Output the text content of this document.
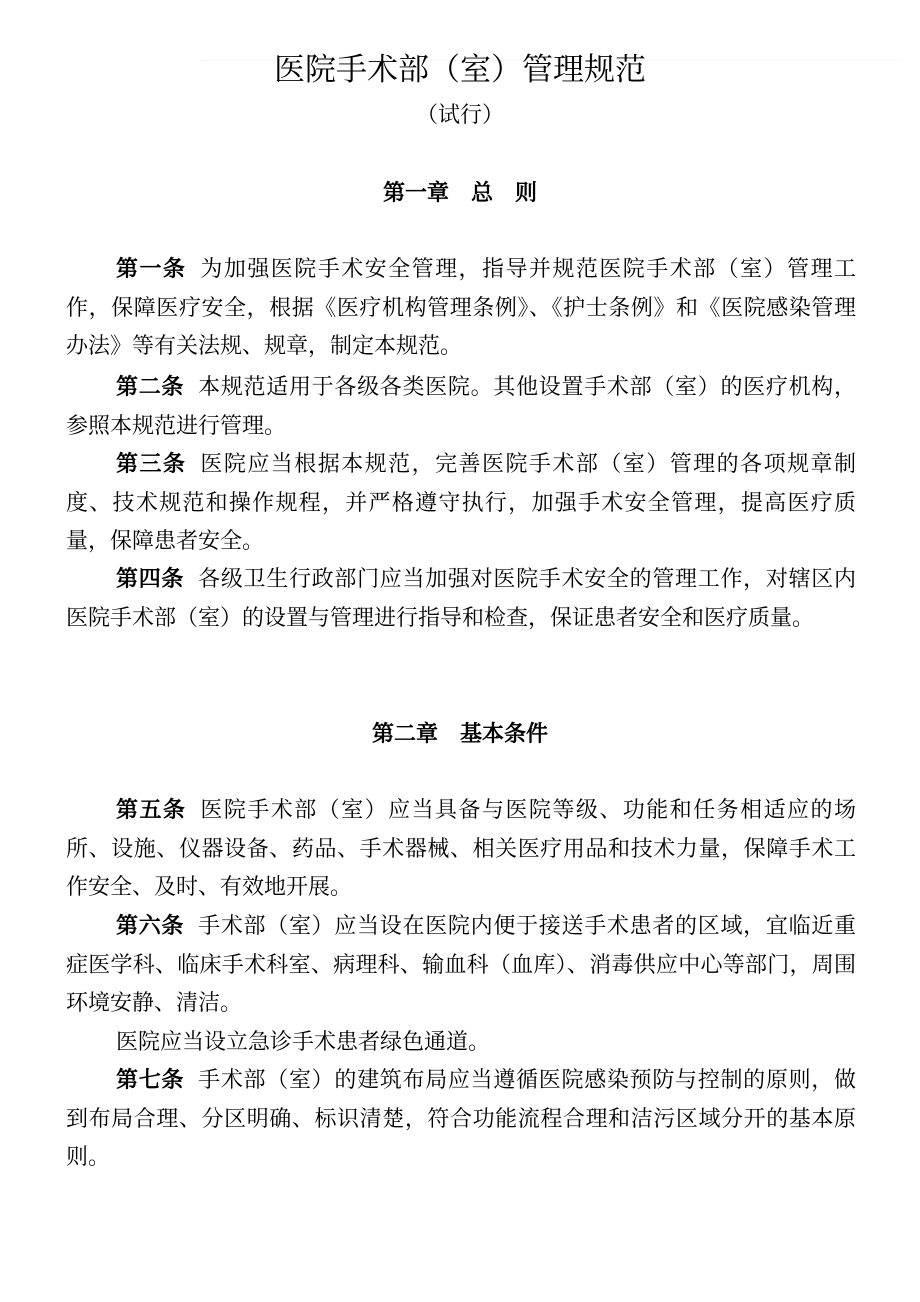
医院手术部（室）管理规范
（试行）
第一章　总　则

第一条 为加强医院手术安全管理，指导并规范医院手术部（室）管理工作，保障医疗安全，根据《医疗机构管理条例》、《护士条例》和《医院感染管理办法》等有关法规、规章，制定本规范。

第二条 本规范适用于各级各类医院。其他设置手术部（室）的医疗机构，参照本规范进行管理。

第三条 医院应当根据本规范，完善医院手术部（室）管理的各项规章制度、技术规范和操作规程，并严格遵守执行，加强手术安全管理，提高医疗质量，保障患者安全。

第四条 各级卫生行政部门应当加强对医院手术安全的管理工作，对辖区内医院手术部（室）的设置与管理进行指导和检查，保证患者安全和医疗质量。

第二章　基本条件

第五条 医院手术部（室）应当具备与医院等级、功能和任务相适应的场所、设施、仪器设备、药品、手术器械、相关医疗用品和技术力量，保障手术工作安全、及时、有效地开展。

第六条 手术部（室）应当设在医院内便于接送手术患者的区域，宜临近重症医学科、临床手术科室、病理科、输血科（血库）、消毒供应中心等部门，周围环境安静、清洁。

医院应当设立急诊手术患者绿色通道。

第七条 手术部（室）的建筑布局应当遵循医院感染预防与控制的原则，做到布局合理、分区明确、标识清楚，符合功能流程合理和洁污区域分开的基本原则。
